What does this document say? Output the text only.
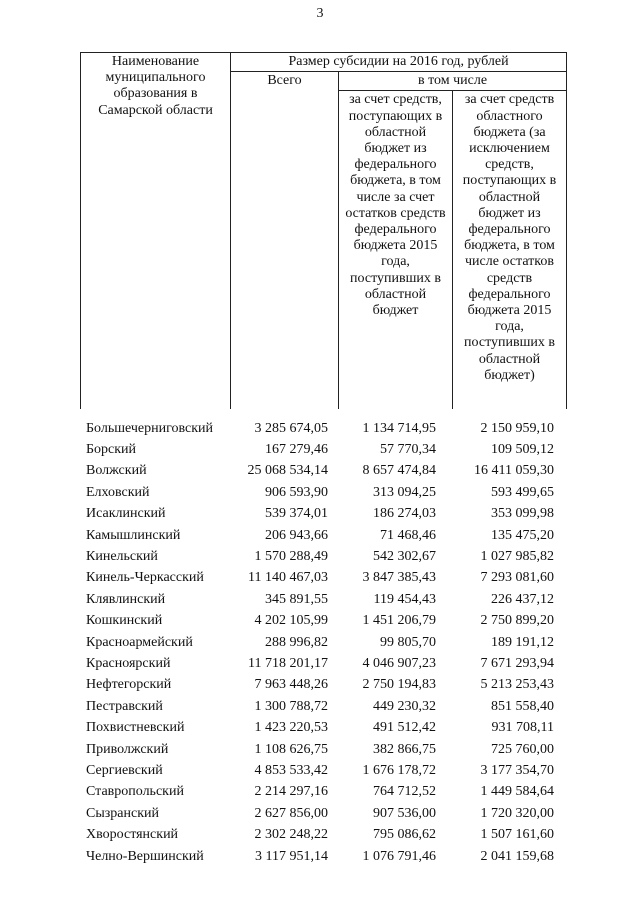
3
Наименование муниципального образования в Самарской области	Размер субсидии на 2016 год, рублей		
	Всего	в том числе	
		за счет средств, поступающих в областной бюджет из федерального бюджета, в том числе за счет остатков средств федерального бюджета 2015 года, поступивших в областной бюджет	за счет средств областного бюджета (за исключением средств, поступающих в областной бюджет из федерального бюджета, в том числе остатков средств федерального бюджета 2015 года, поступивших в областной бюджет)
Большечерниговский	3 285 674,05	1 134 714,95	2 150 959,10
Борский	167 279,46	57 770,34	109 509,12
Волжский	25 068 534,14	8 657 474,84	16 411 059,30
Елховский	906 593,90	313 094,25	593 499,65
Исаклинский	539 374,01	186 274,03	353 099,98
Камышлинский	206 943,66	71 468,46	135 475,20
Кинельский	1 570 288,49	542 302,67	1 027 985,82
Кинель-Черкасский	11 140 467,03	3 847 385,43	7 293 081,60
Клявлинский	345 891,55	119 454,43	226 437,12
Кошкинский	4 202 105,99	1 451 206,79	2 750 899,20
Красноармейский	288 996,82	99 805,70	189 191,12
Красноярский	11 718 201,17	4 046 907,23	7 671 293,94
Нефтегорский	7 963 448,26	2 750 194,83	5 213 253,43
Пестравский	1 300 788,72	449 230,32	851 558,40
Похвистневский	1 423 220,53	491 512,42	931 708,11
Приволжский	1 108 626,75	382 866,75	725 760,00
Сергиевский	4 853 533,42	1 676 178,72	3 177 354,70
Ставропольский	2 214 297,16	764 712,52	1 449 584,64
Сызранский	2 627 856,00	907 536,00	1 720 320,00
Хворостянский	2 302 248,22	795 086,62	1 507 161,60
Челно-Вершинский	3 117 951,14	1 076 791,46	2 041 159,68
